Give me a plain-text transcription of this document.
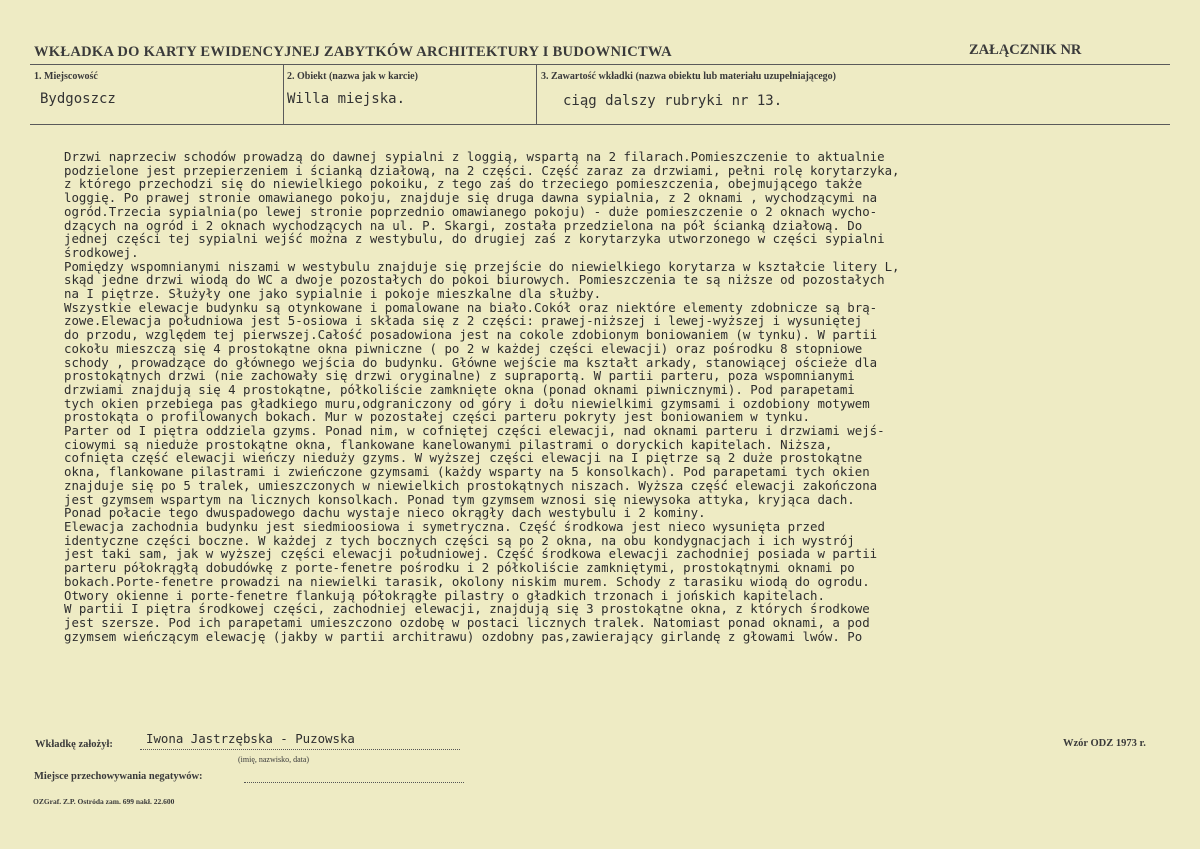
WKŁADKA DO KARTY EWIDENCYJNEJ ZABYTKÓW ARCHITEKTURY I BUDOWNICTWA	ZAŁĄCZNIK NR
1. Miejscowość
Bydgoszcz
2. Obiekt (nazwa jak w karcie)
Willa miejska.
3. Zawartość wkładki (nazwa obiektu lub materiału uzupełniającego)
ciąg dalszy rubryki nr 13.

Drzwi naprzeciw schodów prowadzą do dawnej sypialni z loggią, wspartą na 2 filarach.Pomieszczenie to aktualnie

podzielone jest przepierzeniem i ścianką działową, na 2 części. Część zaraz za drzwiami, pełni rolę korytarzyka,

z którego przechodzi się do niewielkiego pokoiku, z tego zaś do trzeciego pomieszczenia, obejmującego także

loggię. Po prawej stronie omawianego pokoju, znajduje się druga dawna sypialnia, z 2 oknami , wychodzącymi na

ogród.Trzecia sypialnia(po lewej stronie poprzednio omawianego pokoju) - duże pomieszczenie o 2 oknach wycho-

dzących na ogród i 2 oknach wychodzących na ul. P. Skargi, została przedzielona na pół ścianką działową. Do

jednej części tej sypialni wejść można z westybulu, do drugiej zaś z korytarzyka utworzonego w części sypialni

środkowej.

Pomiędzy wspomnianymi niszami w westybulu znajduje się przejście do niewielkiego korytarza w kształcie litery L,

skąd jedne drzwi wiodą do WC a dwoje pozostałych do pokoi biurowych. Pomieszczenia te są niższe od pozostałych

na I piętrze. Służyły one jako sypialnie i pokoje mieszkalne dla służby.

Wszystkie elewacje budynku są otynkowane i pomalowane na biało.Cokół oraz niektóre elementy zdobnicze są brą-

zowe.Elewacja południowa jest 5-osiowa i składa się z 2 części: prawej-niższej i lewej-wyższej i wysuniętej

do przodu, względem tej pierwszej.Całość posadowiona jest na cokole zdobionym boniowaniem (w tynku). W partii

cokołu mieszczą się 4 prostokątne okna piwniczne ( po 2 w każdej części elewacji) oraz pośrodku 8 stopniowe

schody , prowadzące do głównego wejścia do budynku. Główne wejście ma kształt arkady, stanowiącej ościeże dla

prostokątnych drzwi (nie zachowały się drzwi oryginalne) z supraportą. W partii parteru, poza wspomnianymi

drzwiami znajdują się 4 prostokątne, półkoliście zamknięte okna (ponad oknami piwnicznymi). Pod parapetami

tych okien przebiega pas gładkiego muru,odgraniczony od góry i dołu niewielkimi gzymsami i ozdobiony motywem

prostokąta o profilowanych bokach. Mur w pozostałej części parteru pokryty jest boniowaniem w tynku.

Parter od I piętra oddziela gzyms. Ponad nim, w cofniętej części elewacji, nad oknami parteru i drzwiami wejś-

ciowymi są nieduże prostokątne okna, flankowane kanelowanymi pilastrami o doryckich kapitelach. Niższa,

cofnięta część elewacji wieńczy nieduży gzyms. W wyższej części elewacji na I piętrze są 2 duże prostokątne

okna, flankowane pilastrami i zwieńczone gzymsami (każdy wsparty na 5 konsolkach). Pod parapetami tych okien

znajduje się po 5 tralek, umieszczonych w niewielkich prostokątnych niszach. Wyższa część elewacji zakończona

jest gzymsem wspartym na licznych konsolkach. Ponad tym gzymsem wznosi się niewysoka attyka, kryjąca dach.

Ponad połacie tego dwuspadowego dachu wystaje nieco okrągły dach westybulu i 2 kominy.

Elewacja zachodnia budynku jest siedmioosiowa i symetryczna. Część środkowa jest nieco wysunięta przed

identyczne części boczne. W każdej z tych bocznych części są po 2 okna, na obu kondygnacjach i ich wystrój

jest taki sam, jak w wyższej części elewacji południowej. Część środkowa elewacji zachodniej posiada w partii

parteru półokrągłą dobudówkę z porte-fenetre pośrodku i 2 półkoliście zamkniętymi, prostokątnymi oknami po

bokach.Porte-fenetre prowadzi na niewielki tarasik, okolony niskim murem. Schody z tarasiku wiodą do ogrodu.

Otwory okienne i porte-fenetre flankują półokrągłe pilastry o gładkich trzonach i jońskich kapitelach.

W partii I piętra środkowej części, zachodniej elewacji, znajdują się 3 prostokątne okna, z których środkowe

jest szersze. Pod ich parapetami umieszczono ozdobę w postaci licznych tralek. Natomiast ponad oknami, a pod

gzymsem wieńczącym elewację (jakby w partii architrawu) ozdobny pas,zawierający girlandę z głowami lwów. Po

Wkładkę założył:	Iwona Jastrzębska - Puzowska
(imię, nazwisko, data)
Wzór ODZ 1973 r.
Miejsce przechowywania negatywów:
OZGraf. Z.P. Ostróda zam. 699 nakł. 22.600
